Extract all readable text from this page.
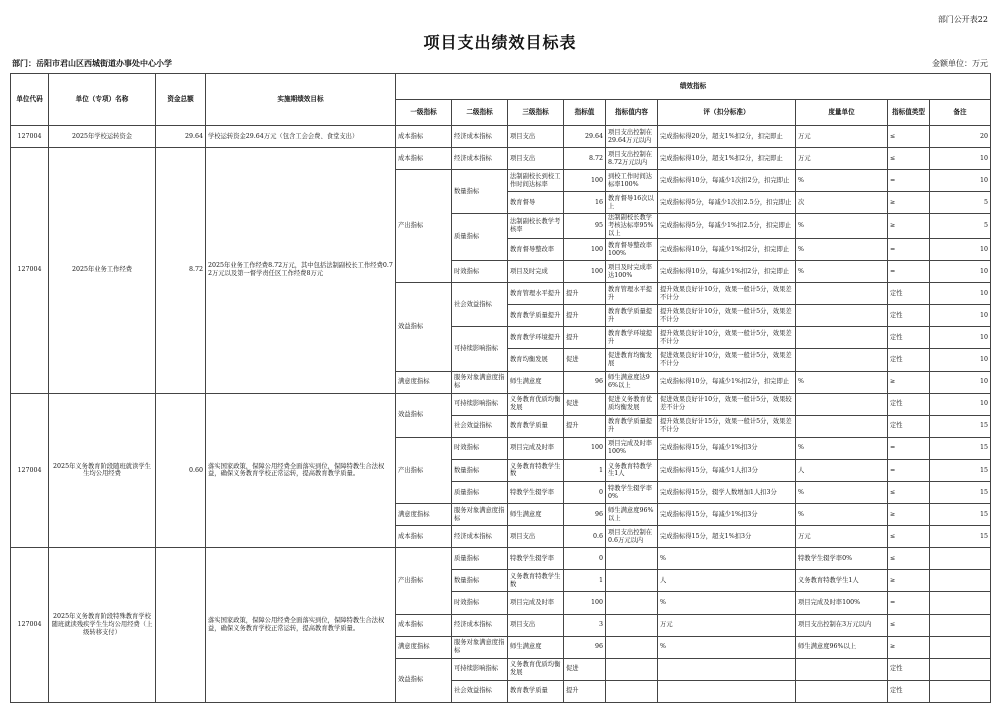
部门公开表22
项目支出绩效目标表
部门：岳阳市君山区西城街道办事处中心小学	金额单位：万元
单位代码	单位（专项）名称	资金总额	实施期绩效目标	绩效指标								
				一级指标	二级指标	三级指标	指标值	指标值内容	评（扣分标准）	度量单位	指标值类型	备注
127004	2025年学校运转资金	29.64	学校运转资金29.64万元（包含工会会费、食堂支出）	成本指标	经济成本指标	项目支出	29.64	项目支出控制在29.64万元以内	完成指标得20分，超支1%扣2分，扣完即止	万元	≤	20
127004	2025年业务工作经费	8.72	2025年业务工作经费8.72万元，其中包括法制副校长工作经费0.72万元以及第一督学责任区工作经费8万元	成本指标	经济成本指标	项目支出	8.72	项目支出控制在8.72万元以内	完成指标得10分，超支1%扣2分，扣完即止	万元	≤	10
				产出指标	数量指标	法制副校长到校工作时间达标率	100	到校工作时间达标率100%	完成指标得10分，每减少1次扣2分，扣完即止	%	=	10
						教育督导	16	教育督导16次以上	完成指标得5分，每减少1次扣2.5分，扣完即止	次	≥	5
					质量指标	法制副校长教学考核率	95	法制副校长教学考核达标率95%以上	完成指标得5分，每减少1%扣2.5分，扣完即止	%	≥	5
						教育督导整改率	100	教育督导整改率100%	完成指标得10分，每减少1%扣2分，扣完即止	%	=	10
					时效指标	项目及时完成	100	项目及时完成率达100%	完成指标得10分，每减少1%扣2分，扣完即止	%	=	10
				效益指标	社会效益指标	教育管理水平提升	提升	教育管理水平提升	提升效果良好计10分，效果一般计5分，效果差不计分		定性	10
						教育教学质量提升	提升	教育教学质量提升	提升效果良好计10分，效果一般计5分，效果差不计分		定性	10
					可持续影响指标	教育教学环境提升	提升	教育教学环境提升	提升效果良好计10分，效果一般计5分，效果差不计分		定性	10
						教育均衡发展	促进	促进教育均衡发展	促进效果良好计10分，效果一般计5分，效果差不计分		定性	10
				满意度指标	服务对象满意度指标	师生满意度	96	师生满意度达96%以上	完成指标得10分，每减少1%扣2分，扣完即止	%	≥	10
127004	2025年义务教育阶段随班就读学生生均公用经费	0.60	落实国家政策，保障公用经费全面落实到位，保障特教生合法权益，确保义务教育学校正常运转，提高教育教学质量。	效益指标	可持续影响指标	义务教育优质均衡发展	促进	促进义务教育优质均衡发展	促进效果良好计10分，效果一般计5分，效果较差不计分		定性	10
					社会效益指标	教育教学质量	提升	教育教学质量提升	提升效果良好计15分，效果一般计5分，效果差不计分		定性	15
				产出指标	时效指标	项目完成及时率	100	项目完成及时率100%	完成指标得15分，每减少1%扣3分	%	=	15
					数量指标	义务教育特教学生数	1	义务教育特教学生1人	完成指标得15分，每减少1人扣3分	人	=	15
					质量指标	特教学生辍学率	0	特教学生辍学率0%	完成指标得15分，辍学人数增加1人扣3分	%	≤	15
				满意度指标	服务对象满意度指标	师生满意度	96	师生满意度96%以上	完成指标得15分，每减少1%扣3分	%	≥	15
				成本指标	经济成本指标	项目支出	0.6	项目支出控制在0.6万元以内	完成指标得15分，超支1%扣3分	万元	≤	15
127004	2025年义务教育阶段特殊教育学校随班就读残疾学生生均公用经费（上级转移支付）		落实国家政策，保障公用经费全面落实到位，保障特教生合法权益，确保义务教育学校正常运转，提高教育教学质量。	产出指标	质量指标	特教学生辍学率	0		%	特教学生辍学率0%	≤	
					数量指标	义务教育特教学生数	1		人	义务教育特教学生1人	≥	
					时效指标	项目完成及时率	100		%	项目完成及时率100%	=	
				成本指标	经济成本指标	项目支出	3		万元	项目支出控制在3万元以内	≤	
				满意度指标	服务对象满意度指标	师生满意度	96		%	师生满意度96%以上	≥	
				效益指标	可持续影响指标	义务教育优质均衡发展	促进				定性	
					社会效益指标	教育教学质量	提升				定性	
